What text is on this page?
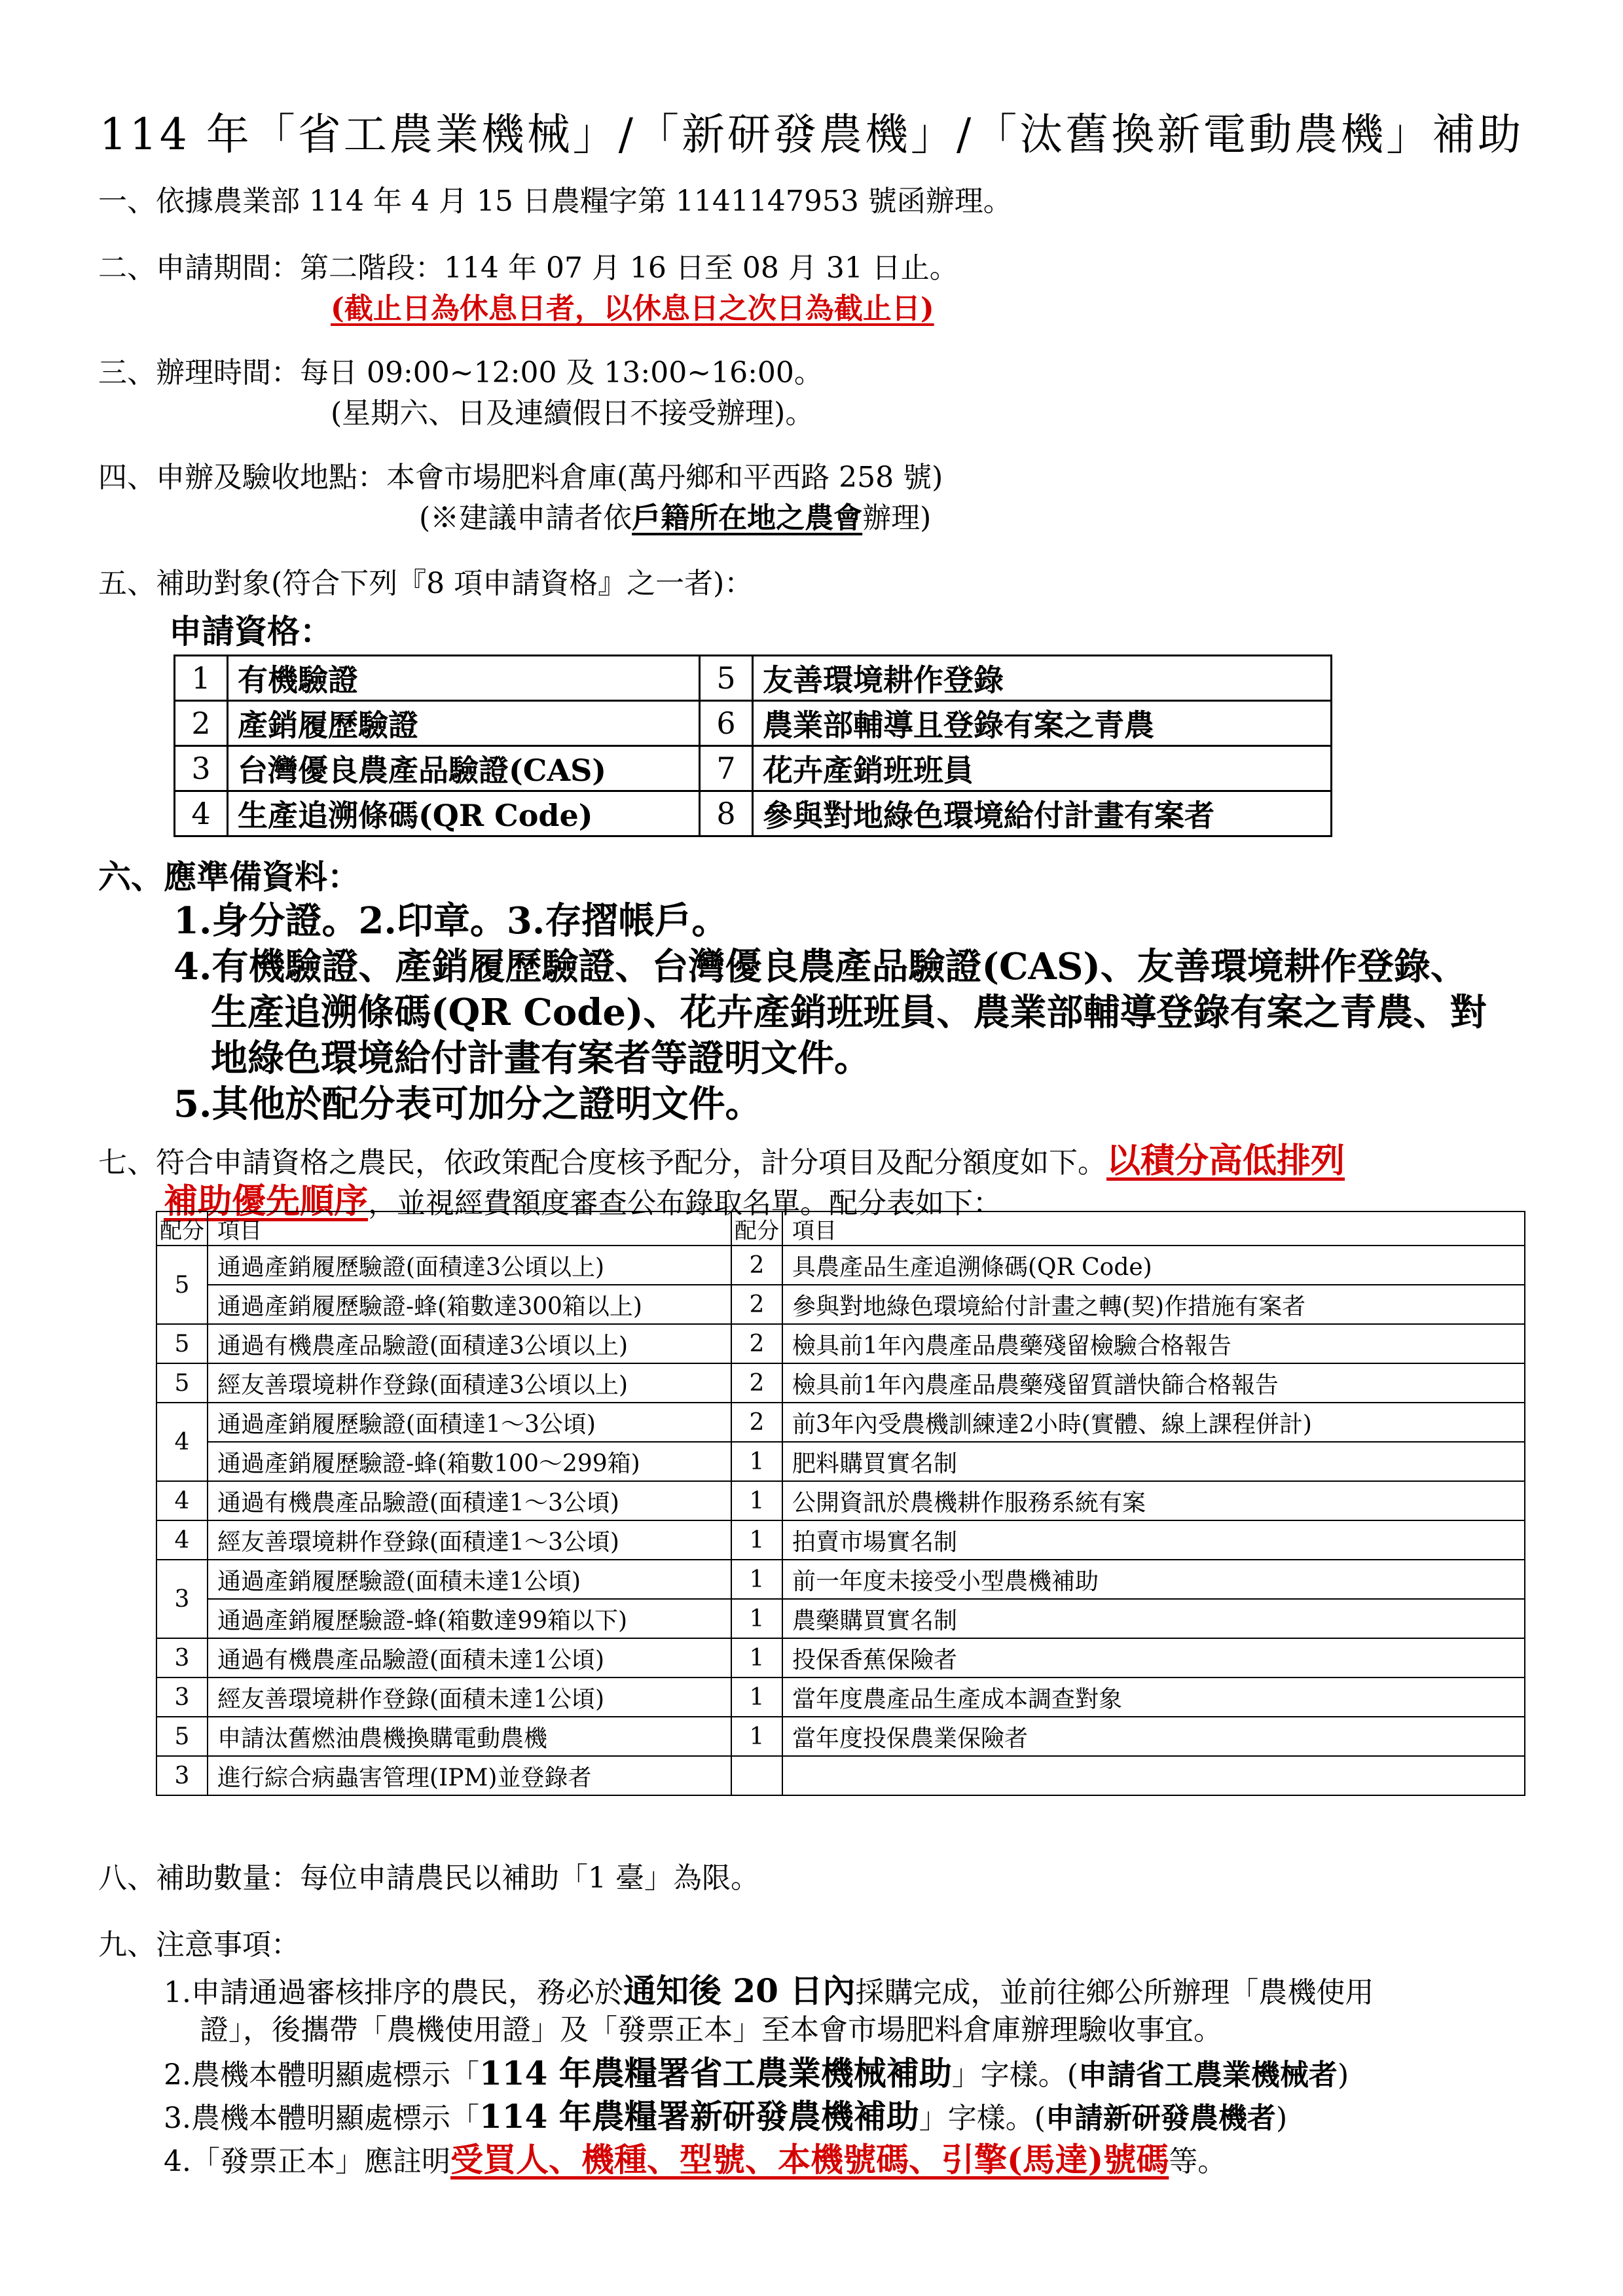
114 年「省工農業機械」/「新研發農機」/「汰舊換新電動農機」補助
一、依據農業部 114 年 4 月 15 日農糧字第 1141147953 號函辦理。
二、申請期間：第二階段：114 年 07 月 16 日至 08 月 31 日止。
(截止日為休息日者，以休息日之次日為截止日)
三、辦理時間：每日 09:00~12:00 及 13:00~16:00。
(星期六、日及連續假日不接受辦理)。
四、申辦及驗收地點：本會市場肥料倉庫(萬丹鄉和平西路 258 號)
(※建議申請者依戶籍所在地之農會辦理)
五、補助對象(符合下列『8 項申請資格』之一者)：
申請資格：
1	有機驗證	5	友善環境耕作登錄
2	產銷履歷驗證	6	農業部輔導且登錄有案之青農
3	台灣優良農產品驗證(CAS)	7	花卉產銷班班員
4	生產追溯條碼(QR Code)	8	參與對地綠色環境給付計畫有案者
六、應準備資料：
1.身分證。2.印章。3.存摺帳戶。
4.有機驗證、產銷履歷驗證、台灣優良農產品驗證(CAS)、友善環境耕作登錄、
生產追溯條碼(QR Code)、花卉產銷班班員、農業部輔導登錄有案之青農、對
地綠色環境給付計畫有案者等證明文件。
5.其他於配分表可加分之證明文件。
七、符合申請資格之農民，依政策配合度核予配分，計分項目及配分額度如下。以積分高低排列
補助優先順序，並視經費額度審查公布錄取名單。配分表如下：
配分	項目	配分	項目
5	通過產銷履歷驗證(面積達3公頃以上)	2	具農產品生產追溯條碼(QR Code)
	通過產銷履歷驗證-蜂(箱數達300箱以上)	2	參與對地綠色環境給付計畫之轉(契)作措施有案者
5	通過有機農產品驗證(面積達3公頃以上)	2	檢具前1年內農產品農藥殘留檢驗合格報告
5	經友善環境耕作登錄(面積達3公頃以上)	2	檢具前1年內農產品農藥殘留質譜快篩合格報告
4	通過產銷履歷驗證(面積達1～3公頃)	2	前3年內受農機訓練達2小時(實體、線上課程併計)
	通過產銷履歷驗證-蜂(箱數100～299箱)	1	肥料購買實名制
4	通過有機農產品驗證(面積達1～3公頃)	1	公開資訊於農機耕作服務系統有案
4	經友善環境耕作登錄(面積達1～3公頃)	1	拍賣市場實名制
3	通過產銷履歷驗證(面積未達1公頃)	1	前一年度未接受小型農機補助
	通過產銷履歷驗證-蜂(箱數達99箱以下)	1	農藥購買實名制
3	通過有機農產品驗證(面積未達1公頃)	1	投保香蕉保險者
3	經友善環境耕作登錄(面積未達1公頃)	1	當年度農產品生產成本調查對象
5	申請汰舊燃油農機換購電動農機	1	當年度投保農業保險者
3	進行綜合病蟲害管理(IPM)並登錄者		
八、補助數量：每位申請農民以補助「1 臺」為限。
九、注意事項：
1.申請通過審核排序的農民，務必於通知後 20 日內採購完成，並前往鄉公所辦理「農機使用
證」，後攜帶「農機使用證」及「發票正本」至本會市場肥料倉庫辦理驗收事宜。
2.農機本體明顯處標示「114 年農糧署省工農業機械補助」字樣。(申請省工農業機械者)
3.農機本體明顯處標示「114 年農糧署新研發農機補助」字樣。(申請新研發農機者)
4.「發票正本」應註明受買人、機種、型號、本機號碼、引擎(馬達)號碼等。
